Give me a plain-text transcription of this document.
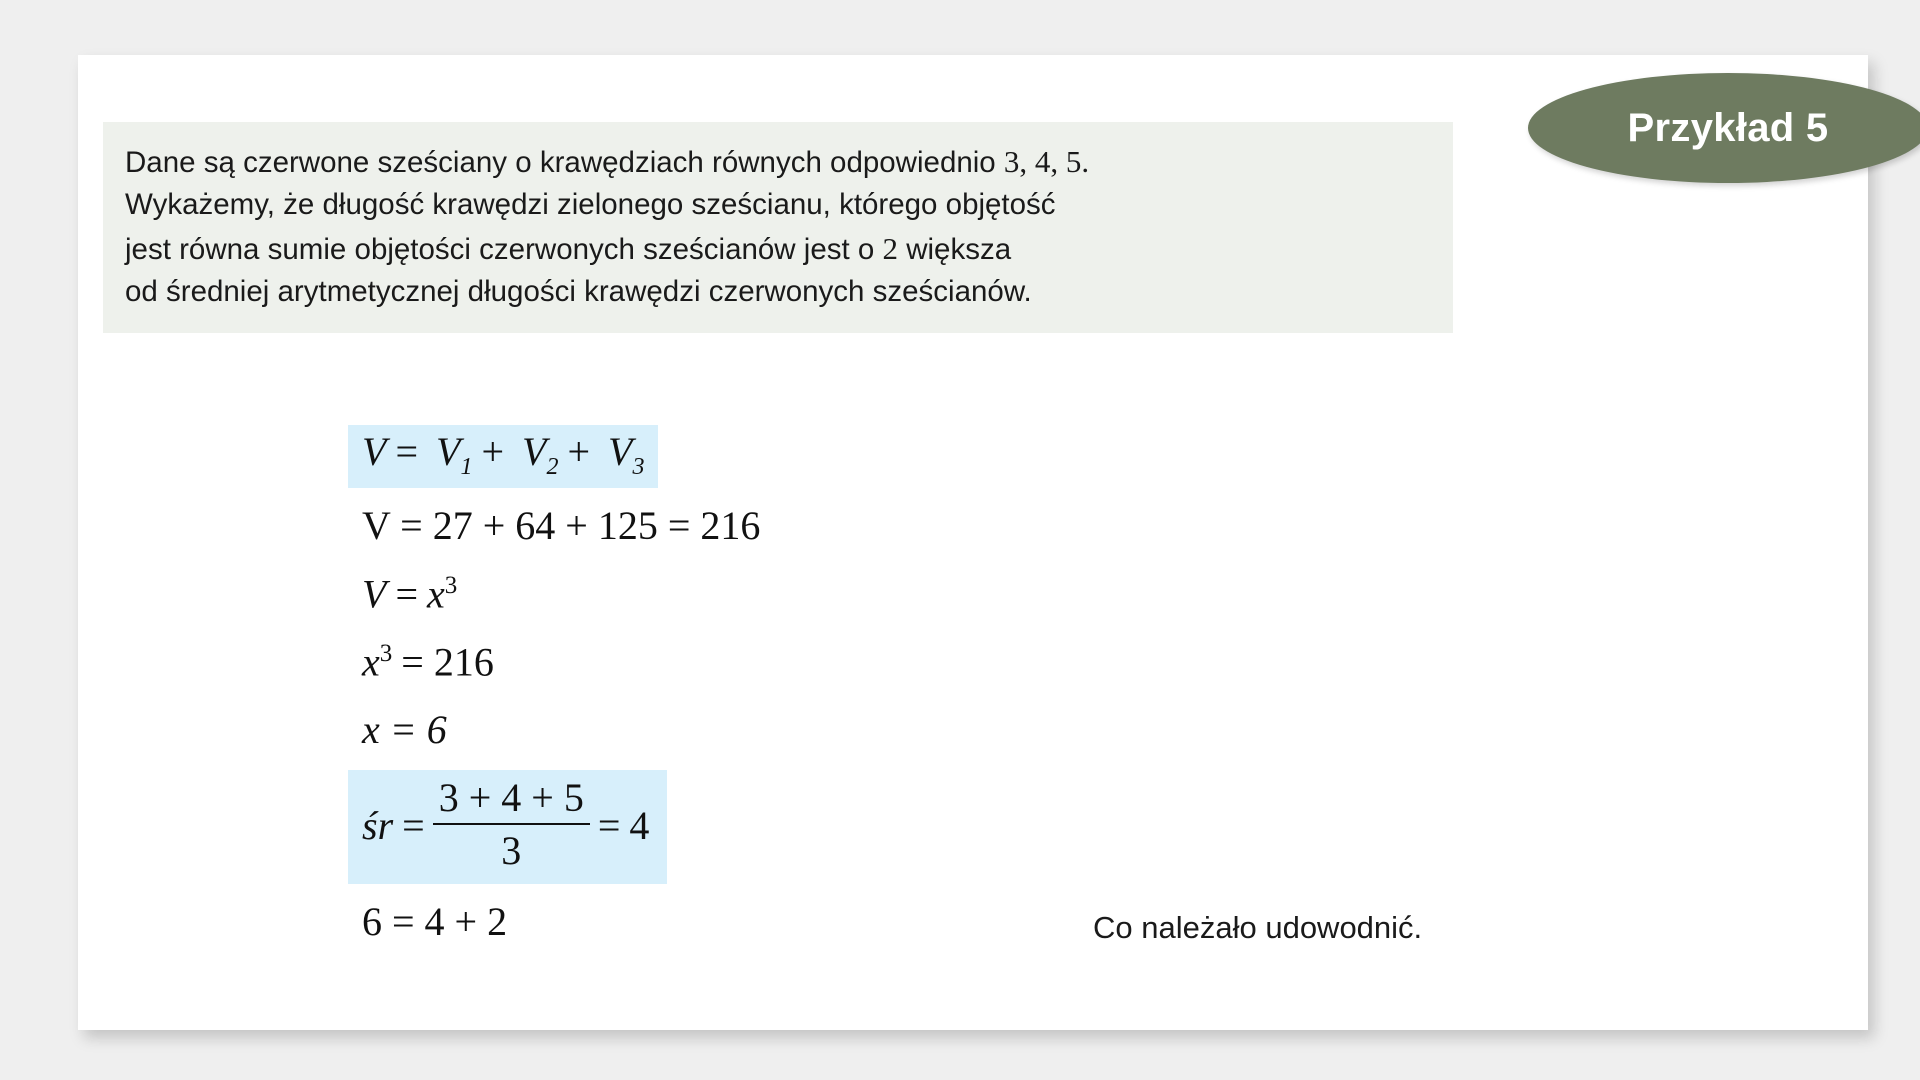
Przykład 5

Dane są czerwone sześciany o krawędziach równych odpowiednio 3, 4, 5.

Wykażemy, że długość krawędzi zielonego sześcianu, którego objętość

jest równa sumie objętości czerwonych sześcianów jest o 2 większa

od średniej arytmetycznej długości krawędzi czerwonych sześcianów.

$V = V_1 + V_2 + V_3$
V = 27 + 64 + 125 = 216
$V = x^3$
$x^3 = 216$
x = 6

śr = $\frac{3 + 4 + 5}{3} = 4$
6 = 4 + 2	Co należało udowodnić.
